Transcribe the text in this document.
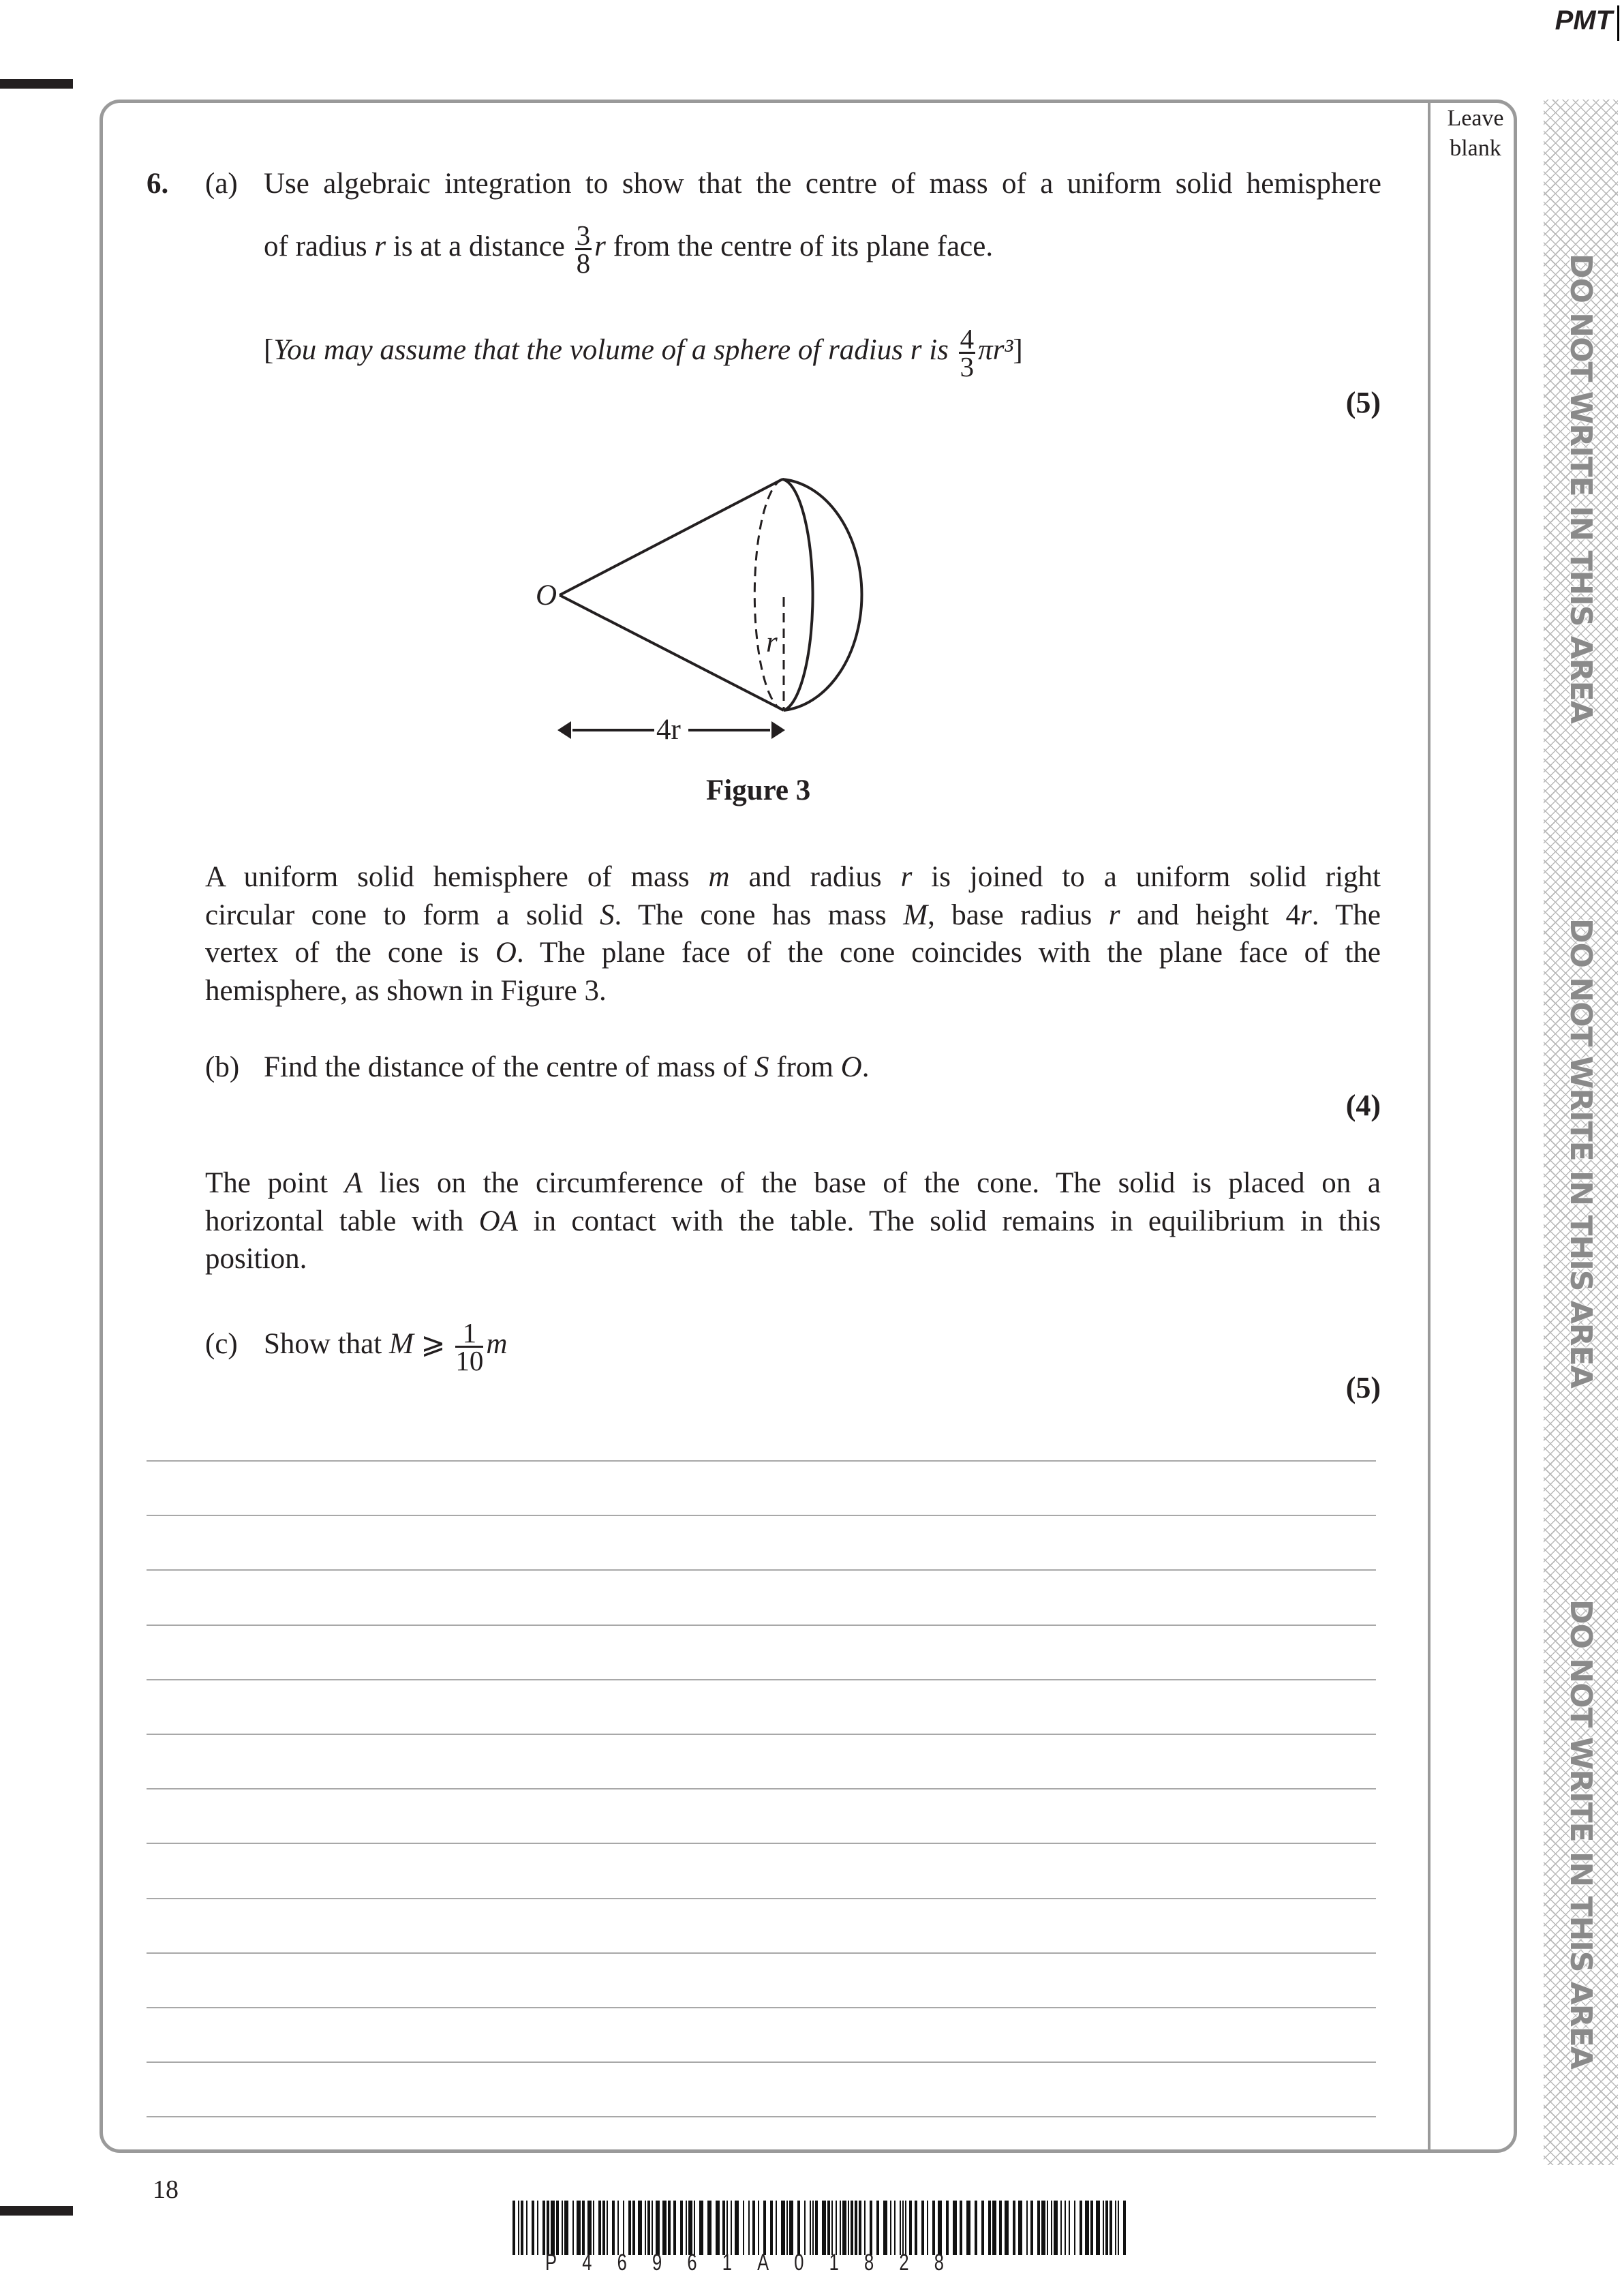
PMT
Leave
blank
DO NOT WRITE IN THIS AREA
DO NOT WRITE IN THIS AREA
DO NOT WRITE IN THIS AREA
6. (a) Use algebraic integration to show that the centre of mass of a uniform solid hemisphere
of radius r is at a distance $\frac{3}{8}$ r from the centre of its plane face.
[You may assume that the volume of a sphere of radius r is $\frac{4}{3} \pi r^3$]
(5)
O
r
4r
Figure 3
A uniform solid hemisphere of mass m and radius r is joined to a uniform solid right
circular cone to form a solid S. The cone has mass M, base radius r and height 4r. The
vertex of the cone is O. The plane face of the cone coincides with the plane face of the
hemisphere, as shown in Figure 3.
(b) Find the distance of the centre of mass of S from O.
(4)
The point A lies on the circumference of the base of the cone. The solid is placed on a
horizontal table with OA in contact with the table. The solid remains in equilibrium in this
position.
(c) Show that M ⩾ $\frac{1}{10}$ m
(5)
18
P 4 6 9 6 1 A 0 1 8 2 8
